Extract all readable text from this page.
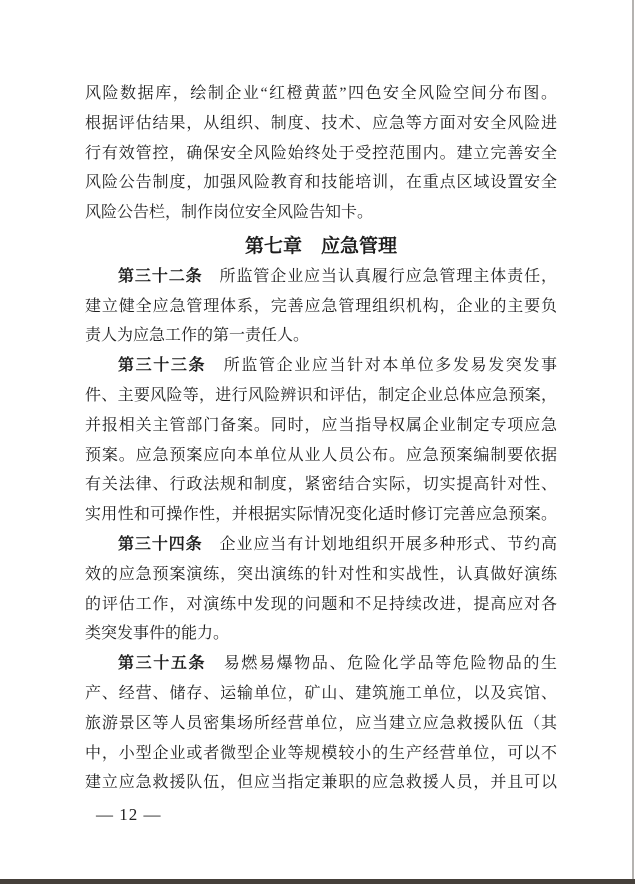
风险数据库，绘制企业“红橙黄蓝”四色安全风险空间分布图。
根据评估结果，从组织、制度、技术、应急等方面对安全风险进
行有效管控，确保安全风险始终处于受控范围内。建立完善安全
风险公告制度，加强风险教育和技能培训，在重点区域设置安全
风险公告栏，制作岗位安全风险告知卡。

第七章　应急管理

第三十二条　所监管企业应当认真履行应急管理主体责任，
建立健全应急管理体系，完善应急管理组织机构，企业的主要负
责人为应急工作的第一责任人。

第三十三条　所监管企业应当针对本单位多发易发突发事
件、主要风险等，进行风险辨识和评估，制定企业总体应急预案，
并报相关主管部门备案。同时，应当指导权属企业制定专项应急
预案。应急预案应向本单位从业人员公布。应急预案编制要依据
有关法律、行政法规和制度，紧密结合实际，切实提高针对性、
实用性和可操作性，并根据实际情况变化适时修订完善应急预案。

第三十四条　企业应当有计划地组织开展多种形式、节约高
效的应急预案演练，突出演练的针对性和实战性，认真做好演练
的评估工作，对演练中发现的问题和不足持续改进，提高应对各
类突发事件的能力。

第三十五条　易燃易爆物品、危险化学品等危险物品的生
产、经营、储存、运输单位，矿山、建筑施工单位，以及宾馆、
旅游景区等人员密集场所经营单位，应当建立应急救援队伍（其
中，小型企业或者微型企业等规模较小的生产经营单位，可以不
建立应急救援队伍，但应当指定兼职的应急救援人员，并且可以

— 12 —
